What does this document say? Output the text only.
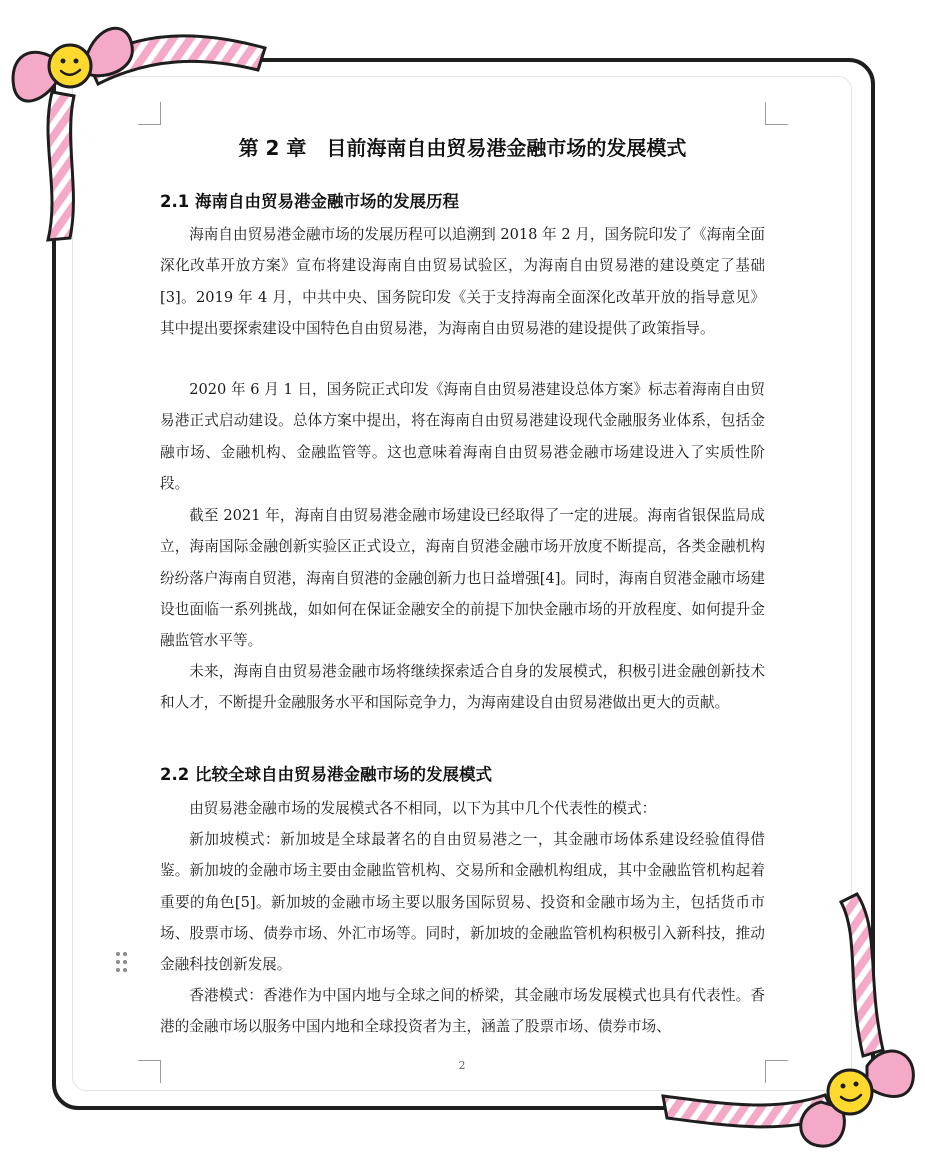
第 2 章　目前海南自由贸易港金融市场的发展模式
2.1 海南自由贸易港金融市场的发展历程

海南自由贸易港金融市场的发展历程可以追溯到 2018 年 2 月，国务院印发了《海南全面深化改革开放方案》宣布将建设海南自由贸易试验区，为海南自由贸易港的建设奠定了基础[3]。2019 年 4 月，中共中央、国务院印发《关于支持海南全面深化改革开放的指导意见》其中提出要探索建设中国特色自由贸易港，为海南自由贸易港的建设提供了政策指导。

2020 年 6 月 1 日，国务院正式印发《海南自由贸易港建设总体方案》标志着海南自由贸易港正式启动建设。总体方案中提出，将在海南自由贸易港建设现代金融服务业体系，包括金融市场、金融机构、金融监管等。这也意味着海南自由贸易港金融市场建设进入了实质性阶段。

截至 2021 年，海南自由贸易港金融市场建设已经取得了一定的进展。海南省银保监局成立，海南国际金融创新实验区正式设立，海南自贸港金融市场开放度不断提高，各类金融机构纷纷落户海南自贸港，海南自贸港的金融创新力也日益增强[4]。同时，海南自贸港金融市场建设也面临一系列挑战，如如何在保证金融安全的前提下加快金融市场的开放程度、如何提升金融监管水平等。

未来，海南自由贸易港金融市场将继续探索适合自身的发展模式，积极引进金融创新技术和人才，不断提升金融服务水平和国际竞争力，为海南建设自由贸易港做出更大的贡献。

2.2 比较全球自由贸易港金融市场的发展模式

由贸易港金融市场的发展模式各不相同，以下为其中几个代表性的模式：

新加坡模式：新加坡是全球最著名的自由贸易港之一，其金融市场体系建设经验值得借鉴。新加坡的金融市场主要由金融监管机构、交易所和金融机构组成，其中金融监管机构起着重要的角色[5]。新加坡的金融市场主要以服务国际贸易、投资和金融市场为主，包括货币市场、股票市场、债券市场、外汇市场等。同时，新加坡的金融监管机构积极引入新科技，推动金融科技创新发展。

香港模式：香港作为中国内地与全球之间的桥梁，其金融市场发展模式也具有代表性。香港的金融市场以服务中国内地和全球投资者为主，涵盖了股票市场、债券市场、

2
